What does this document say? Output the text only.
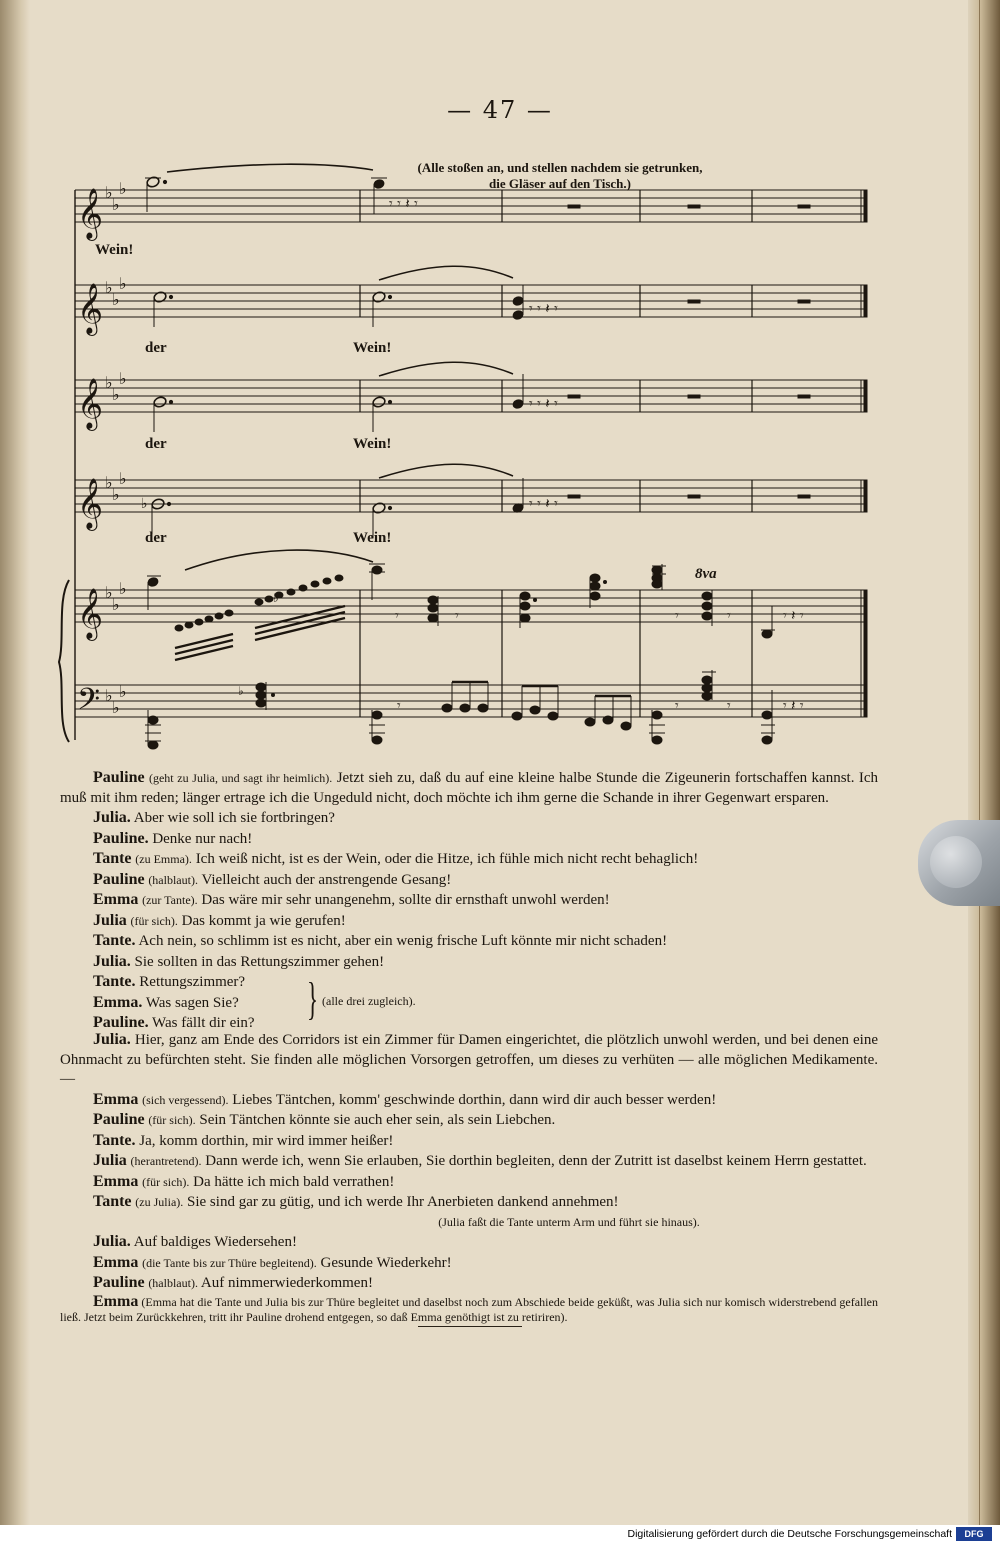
— 47 —
𝄞
𝄞
𝄞
𝄞
𝄞
𝄢
♭
♭
♭
♭
♭
♭
♭
♭
♭
♭
♭
♭
♭
♭
♭
♭
♭
♭
𝄾 𝄾 𝄽 𝄾
𝄾 𝄾 𝄽 𝄾
𝄾 𝄾 𝄽 𝄾
♭	𝄾 𝄾 𝄽 𝄾
♭
𝄾	𝄾	𝄾	𝄾	𝄾 𝄽 𝄾
♭
𝄾	𝄾	𝄾	𝄾 𝄽 𝄾
(Alle stoßen an, und stellen nachdem sie getrunken,
die Gläser auf den Tisch.)
Wein!
der	Wein!
der	Wein!
der	Wein!
8va

Pauline (geht zu Julia, und sagt ihr heimlich). Jetzt sieh zu, daß du auf eine kleine halbe Stunde die Zigeunerin fortschaffen kannst. Ich muß mit ihm reden; länger ertrage ich die Ungeduld nicht, doch möchte ich ihm gerne die Schande in ihrer Gegenwart ersparen.

Julia. Aber wie soll ich sie fortbringen?

Pauline. Denke nur nach!

Tante (zu Emma). Ich weiß nicht, ist es der Wein, oder die Hitze, ich fühle mich nicht recht behaglich!

Pauline (halblaut). Vielleicht auch der anstrengende Gesang!

Emma (zur Tante). Das wäre mir sehr unangenehm, sollte dir ernsthaft unwohl werden!

Julia (für sich). Das kommt ja wie gerufen!

Tante. Ach nein, so schlimm ist es nicht, aber ein wenig frische Luft könnte mir nicht schaden!

Julia. Sie sollten in das Rettungszimmer gehen!

Tante. Rettungszimmer?
Emma. Was sagen Sie?
Pauline. Was fällt dir ein? } (alle drei zugleich).

Julia. Hier, ganz am Ende des Corridors ist ein Zimmer für Damen eingerichtet, die plötzlich unwohl werden, und bei denen eine Ohnmacht zu befürchten steht. Sie finden alle möglichen Vorsorgen getroffen, um dieses zu verhüten — alle möglichen Medikamente. —

Emma (sich vergessend). Liebes Täntchen, komm' geschwinde dorthin, dann wird dir auch besser werden!

Pauline (für sich). Sein Täntchen könnte sie auch eher sein, als sein Liebchen.

Tante. Ja, komm dorthin, mir wird immer heißer!

Julia (herantretend). Dann werde ich, wenn Sie erlauben, Sie dorthin begleiten, denn der Zutritt ist daselbst keinem Herrn gestattet.

Emma (für sich). Da hätte ich mich bald verrathen!

Tante (zu Julia). Sie sind gar zu gütig, und ich werde Ihr Anerbieten dankend annehmen!

(Julia faßt die Tante unterm Arm und führt sie hinaus).

Julia. Auf baldiges Wiedersehen!

Emma (die Tante bis zur Thüre begleitend). Gesunde Wiederkehr!

Pauline (halblaut). Auf nimmerwiederkommen!

Emma (Emma hat die Tante und Julia bis zur Thüre begleitet und daselbst noch zum Abschiede beide geküßt, was Julia sich nur komisch widerstrebend gefallen ließ. Jetzt beim Zurückkehren, tritt ihr Pauline drohend entgegen, so daß Emma genöthigt ist zu retiriren).

Digitalisierung gefördert durch die Deutsche Forschungsgemeinschaft	DFG
